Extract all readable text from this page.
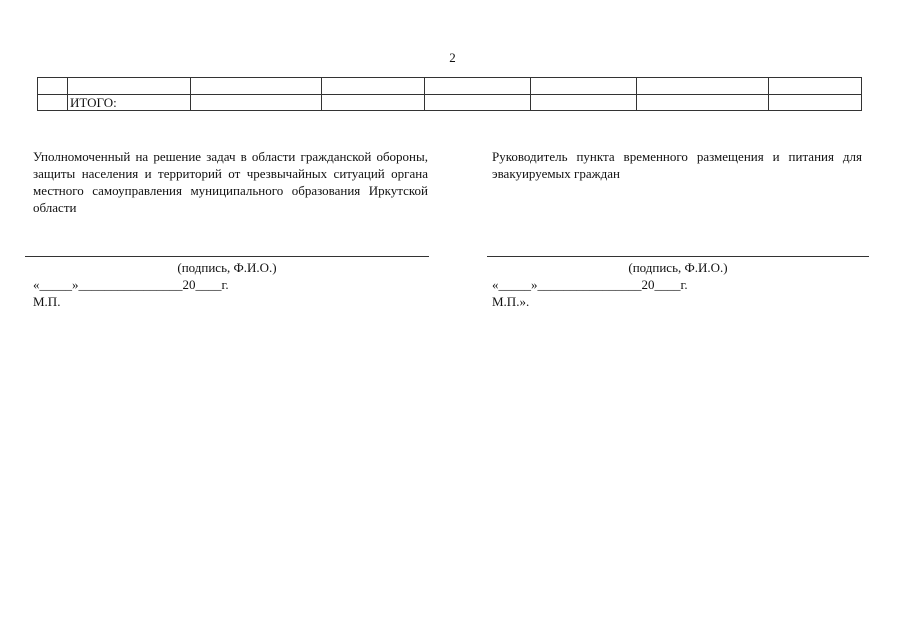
2

	ИТОГО:						
Уполномоченный на решение задач в области гражданской обороны, защиты населения и территорий от чрезвычайных ситуаций органа местного самоуправления муниципального образования Иркутской области
Руководитель пункта временного размещения и питания для эвакуируемых граждан
(подпись, Ф.И.О.)	(подпись, Ф.И.О.)
«_____»________________20____г.	«_____»________________20____г.
М.П.	М.П.».
